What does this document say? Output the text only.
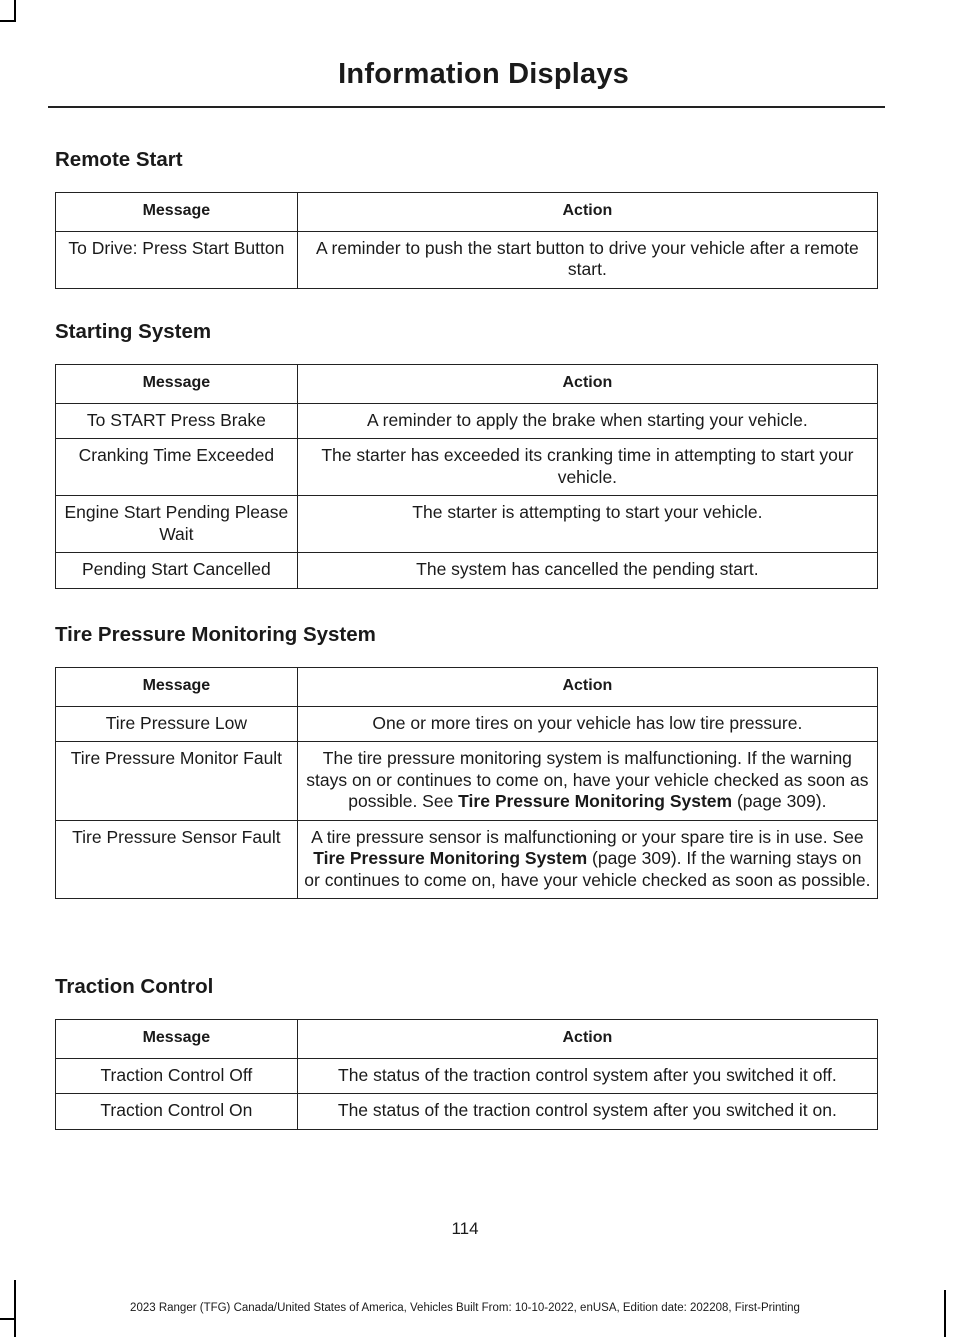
Information Displays
Remote Start
Message	Action
To Drive: Press Start Button	A reminder to push the start button to drive your vehicle after a remote start.
Starting System
Message	Action
To START Press Brake	A reminder to apply the brake when starting your vehicle.
Cranking Time Exceeded	The starter has exceeded its cranking time in attempting to start your vehicle.
Engine Start Pending Please Wait	The starter is attempting to start your vehicle.
Pending Start Cancelled	The system has cancelled the pending start.
Tire Pressure Monitoring System
Message	Action
Tire Pressure Low	One or more tires on your vehicle has low tire pressure.
Tire Pressure Monitor Fault	The tire pressure monitoring system is malfunctioning. If the warning stays on or continues to come on, have your vehicle checked as soon as possible. See Tire Pressure Monitoring System (page 309).
Tire Pressure Sensor Fault	A tire pressure sensor is malfunctioning or your spare tire is in use. See Tire Pressure Monitoring System (page 309). If the warning stays on or continues to come on, have your vehicle checked as soon as possible.
Traction Control
Message	Action
Traction Control Off	The status of the traction control system after you switched it off.
Traction Control On	The status of the traction control system after you switched it on.
114
2023 Ranger (TFG) Canada/United States of America, Vehicles Built From: 10-10-2022, enUSA, Edition date: 202208, First-Printing
